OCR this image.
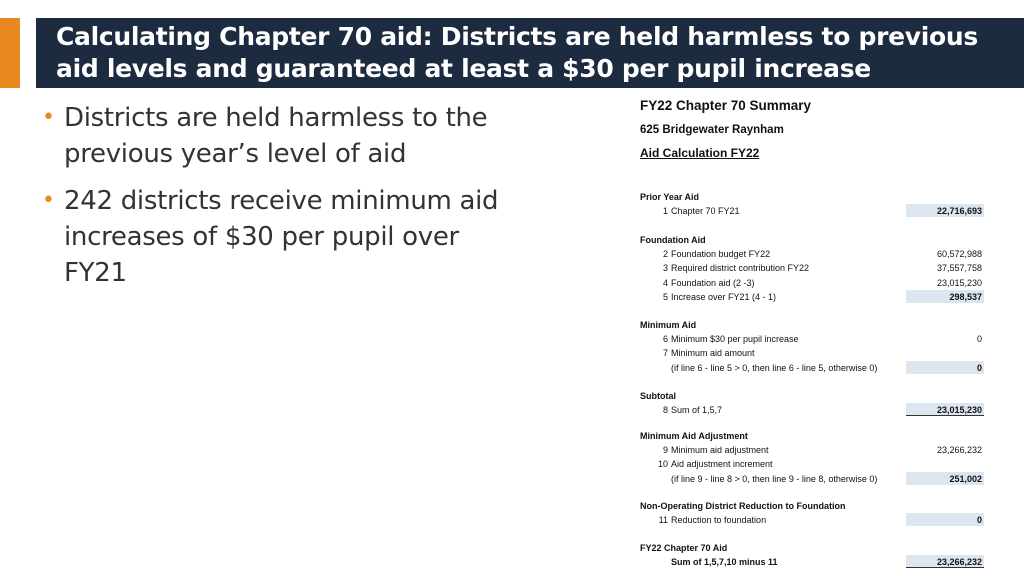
Calculating Chapter 70 aid: Districts are held harmless to previous aid levels and guaranteed at least a $30 per pupil increase
• Districts are held harmless to the previous year’s level of aid
• 242 districts receive minimum aid increases of $30 per pupil over FY21
FY22 Chapter 70 Summary
625 Bridgewater Raynham
Aid Calculation FY22
Prior Year Aid
1 Chapter 70 FY21	22,716,693
Foundation Aid
2 Foundation budget FY22	60,572,988
3 Required district contribution FY22	37,557,758
4 Foundation aid (2 -3)	23,015,230
5 Increase over FY21 (4 - 1)	298,537
Minimum Aid
6 Minimum $30 per pupil increase	0
7 Minimum aid amount
(if line 6 - line 5 > 0, then line 6 - line 5, otherwise 0)	0
Subtotal
8 Sum of 1,5,7	23,015,230
Minimum Aid Adjustment
9 Minimum aid adjustment	23,266,232
10 Aid adjustment increment
(if line 9 - line 8 > 0, then line 9 - line 8, otherwise 0)	251,002
Non-Operating District Reduction to Foundation
11 Reduction to foundation	0
FY22 Chapter 70 Aid
Sum of 1,5,7,10 minus 11	23,266,232
